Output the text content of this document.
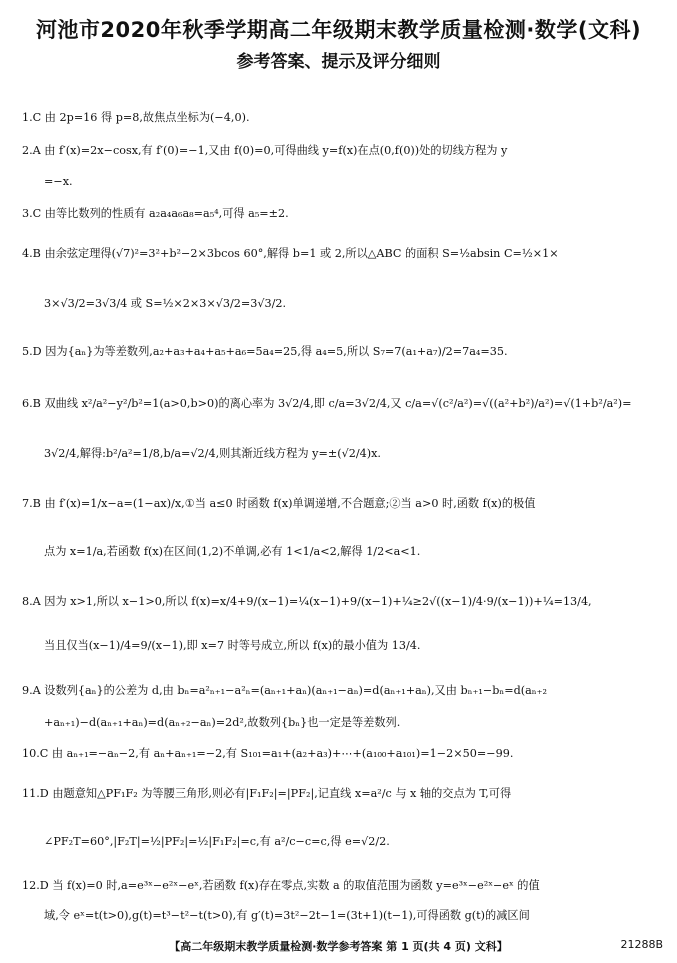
河池市2020年秋季学期高二年级期末教学质量检测·数学(文科)
参考答案、提示及评分细则
1.C 由 2p=16 得 p=8,故焦点坐标为(−4,0).
2.A 由 f′(x)=2x−cosx,有 f′(0)=−1,又由 f(0)=0,可得曲线 y=f(x)在点(0,f(0))处的切线方程为 y
=−x.
3.C 由等比数列的性质有 a₂a₄a₆a₈=a₅⁴,可得 a₅=±2.
4.B 由余弦定理得(√7)²=3²+b²−2×3bcos 60°,解得 b=1 或 2,所以△ABC 的面积 S=½absin C=½×1×
3×√3/2=3√3/4 或 S=½×2×3×√3/2=3√3/2.
5.D 因为{aₙ}为等差数列,a₂+a₃+a₄+a₅+a₆=5a₄=25,得 a₄=5,所以 S₇=7(a₁+a₇)/2=7a₄=35.
6.B 双曲线 x²/a²−y²/b²=1(a>0,b>0)的离心率为 3√2/4,即 c/a=3√2/4,又 c/a=√(c²/a²)=√((a²+b²)/a²)=√(1+b²/a²)=
3√2/4,解得:b²/a²=1/8,b/a=√2/4,则其渐近线方程为 y=±(√2/4)x.
7.B 由 f′(x)=1/x−a=(1−ax)/x,①当 a≤0 时函数 f(x)单调递增,不合题意;②当 a>0 时,函数 f(x)的极值
点为 x=1/a,若函数 f(x)在区间(1,2)不单调,必有 1<1/a<2,解得 1/2<a<1.
8.A 因为 x>1,所以 x−1>0,所以 f(x)=x/4+9/(x−1)=¼(x−1)+9/(x−1)+¼≥2√((x−1)/4·9/(x−1))+¼=13/4,
当且仅当(x−1)/4=9/(x−1),即 x=7 时等号成立,所以 f(x)的最小值为 13/4.
9.A 设数列{aₙ}的公差为 d,由 bₙ=a²ₙ₊₁−a²ₙ=(aₙ₊₁+aₙ)(aₙ₊₁−aₙ)=d(aₙ₊₁+aₙ),又由 bₙ₊₁−bₙ=d(aₙ₊₂
+aₙ₊₁)−d(aₙ₊₁+aₙ)=d(aₙ₊₂−aₙ)=2d²,故数列{bₙ}也一定是等差数列.
10.C 由 aₙ₊₁=−aₙ−2,有 aₙ+aₙ₊₁=−2,有 S₁₀₁=a₁+(a₂+a₃)+⋯+(a₁₀₀+a₁₀₁)=1−2×50=−99.
11.D 由题意知△PF₁F₂ 为等腰三角形,则必有|F₁F₂|=|PF₂|,记直线 x=a²/c 与 x 轴的交点为 T,可得
∠PF₂T=60°,|F₂T|=½|PF₂|=½|F₁F₂|=c,有 a²/c−c=c,得 e=√2/2.
12.D 当 f(x)=0 时,a=e³ˣ−e²ˣ−eˣ,若函数 f(x)存在零点,实数 a 的取值范围为函数 y=e³ˣ−e²ˣ−eˣ 的值
域,令 eˣ=t(t>0),g(t)=t³−t²−t(t>0),有 g′(t)=3t²−2t−1=(3t+1)(t−1),可得函数 g(t)的减区间
【高二年级期末教学质量检测·数学参考答案 第 1 页(共 4 页) 文科】	21288B
